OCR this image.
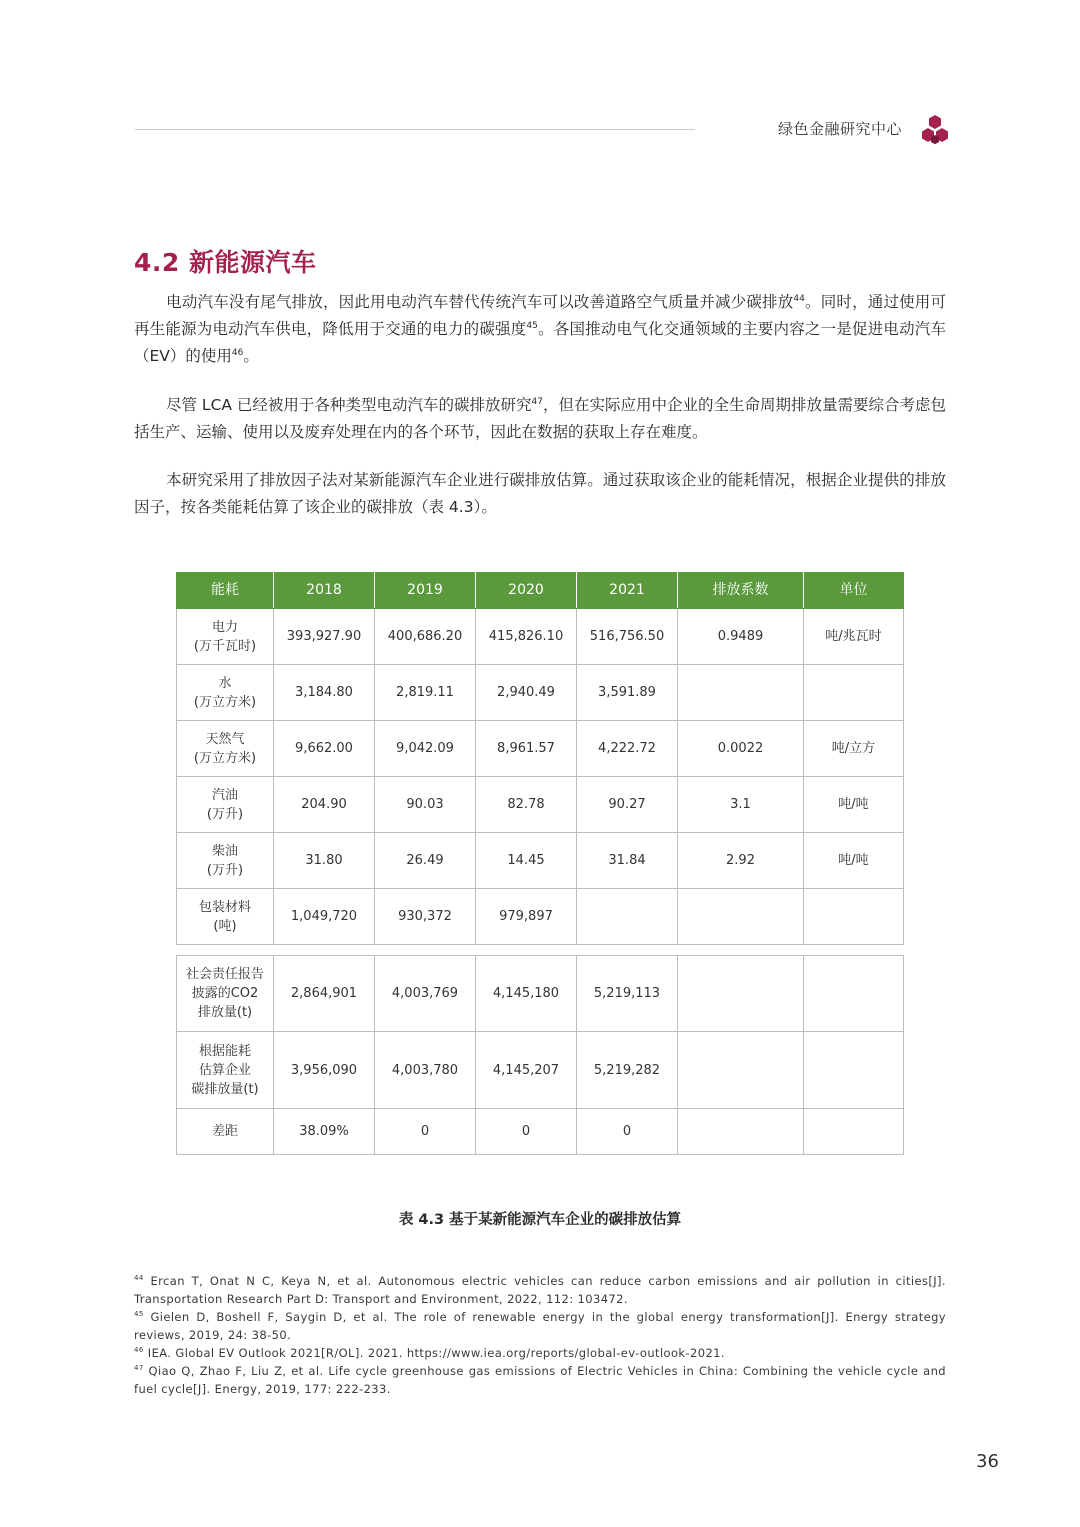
绿色金融研究中心
4.2 新能源汽车

电动汽车没有尾气排放，因此用电动汽车替代传统汽车可以改善道路空气质量并减少碳排放$^{44}$。同时，通过使用可再生能源为电动汽车供电，降低用于交通的电力的碳强度$^{45}$。各国推动电气化交通领域的主要内容之一是促进电动汽车（EV）的使用$^{46}$。

尽管 LCA 已经被用于各种类型电动汽车的碳排放研究$^{47}$，但在实际应用中企业的全生命周期排放量需要综合考虑包括生产、运输、使用以及废弃处理在内的各个环节，因此在数据的获取上存在难度。

本研究采用了排放因子法对某新能源汽车企业进行碳排放估算。通过获取该企业的能耗情况，根据企业提供的排放因子，按各类能耗估算了该企业的碳排放（表 4.3）。

能耗	2018	2019	2020	2021	排放系数	单位
电力
(万千瓦时)	393,927.90	400,686.20	415,826.10	516,756.50	0.9489	吨/兆瓦时
水
(万立方米)	3,184.80	2,819.11	2,940.49	3,591.89		
天然气
(万立方米)	9,662.00	9,042.09	8,961.57	4,222.72	0.0022	吨/立方
汽油
(万升)	204.90	90.03	82.78	90.27	3.1	吨/吨
柴油
(万升)	31.80	26.49	14.45	31.84	2.92	吨/吨
包装材料
(吨)	1,049,720	930,372	979,897			
社会责任报告
披露的CO2
排放量(t)	2,864,901	4,003,769	4,145,180	5,219,113		
根据能耗
估算企业
碳排放量(t)	3,956,090	4,003,780	4,145,207	5,219,282		
差距	38.09%	0	0	0		
表 4.3 基于某新能源汽车企业的碳排放估算

$^{44}$ Ercan T, Onat N C, Keya N, et al. Autonomous electric vehicles can reduce carbon emissions and air pollution in cities[J]. Transportation Research Part D: Transport and Environment, 2022, 112: 103472.

$^{45}$ Gielen D, Boshell F, Saygin D, et al. The role of renewable energy in the global energy transformation[J]. Energy strategy reviews, 2019, 24: 38-50.

$^{46}$ IEA. Global EV Outlook 2021[R/OL]. 2021. https://www.iea.org/reports/global-ev-outlook-2021.

$^{47}$ Qiao Q, Zhao F, Liu Z, et al. Life cycle greenhouse gas emissions of Electric Vehicles in China: Combining the vehicle cycle and fuel cycle[J]. Energy, 2019, 177: 222-233.

36
